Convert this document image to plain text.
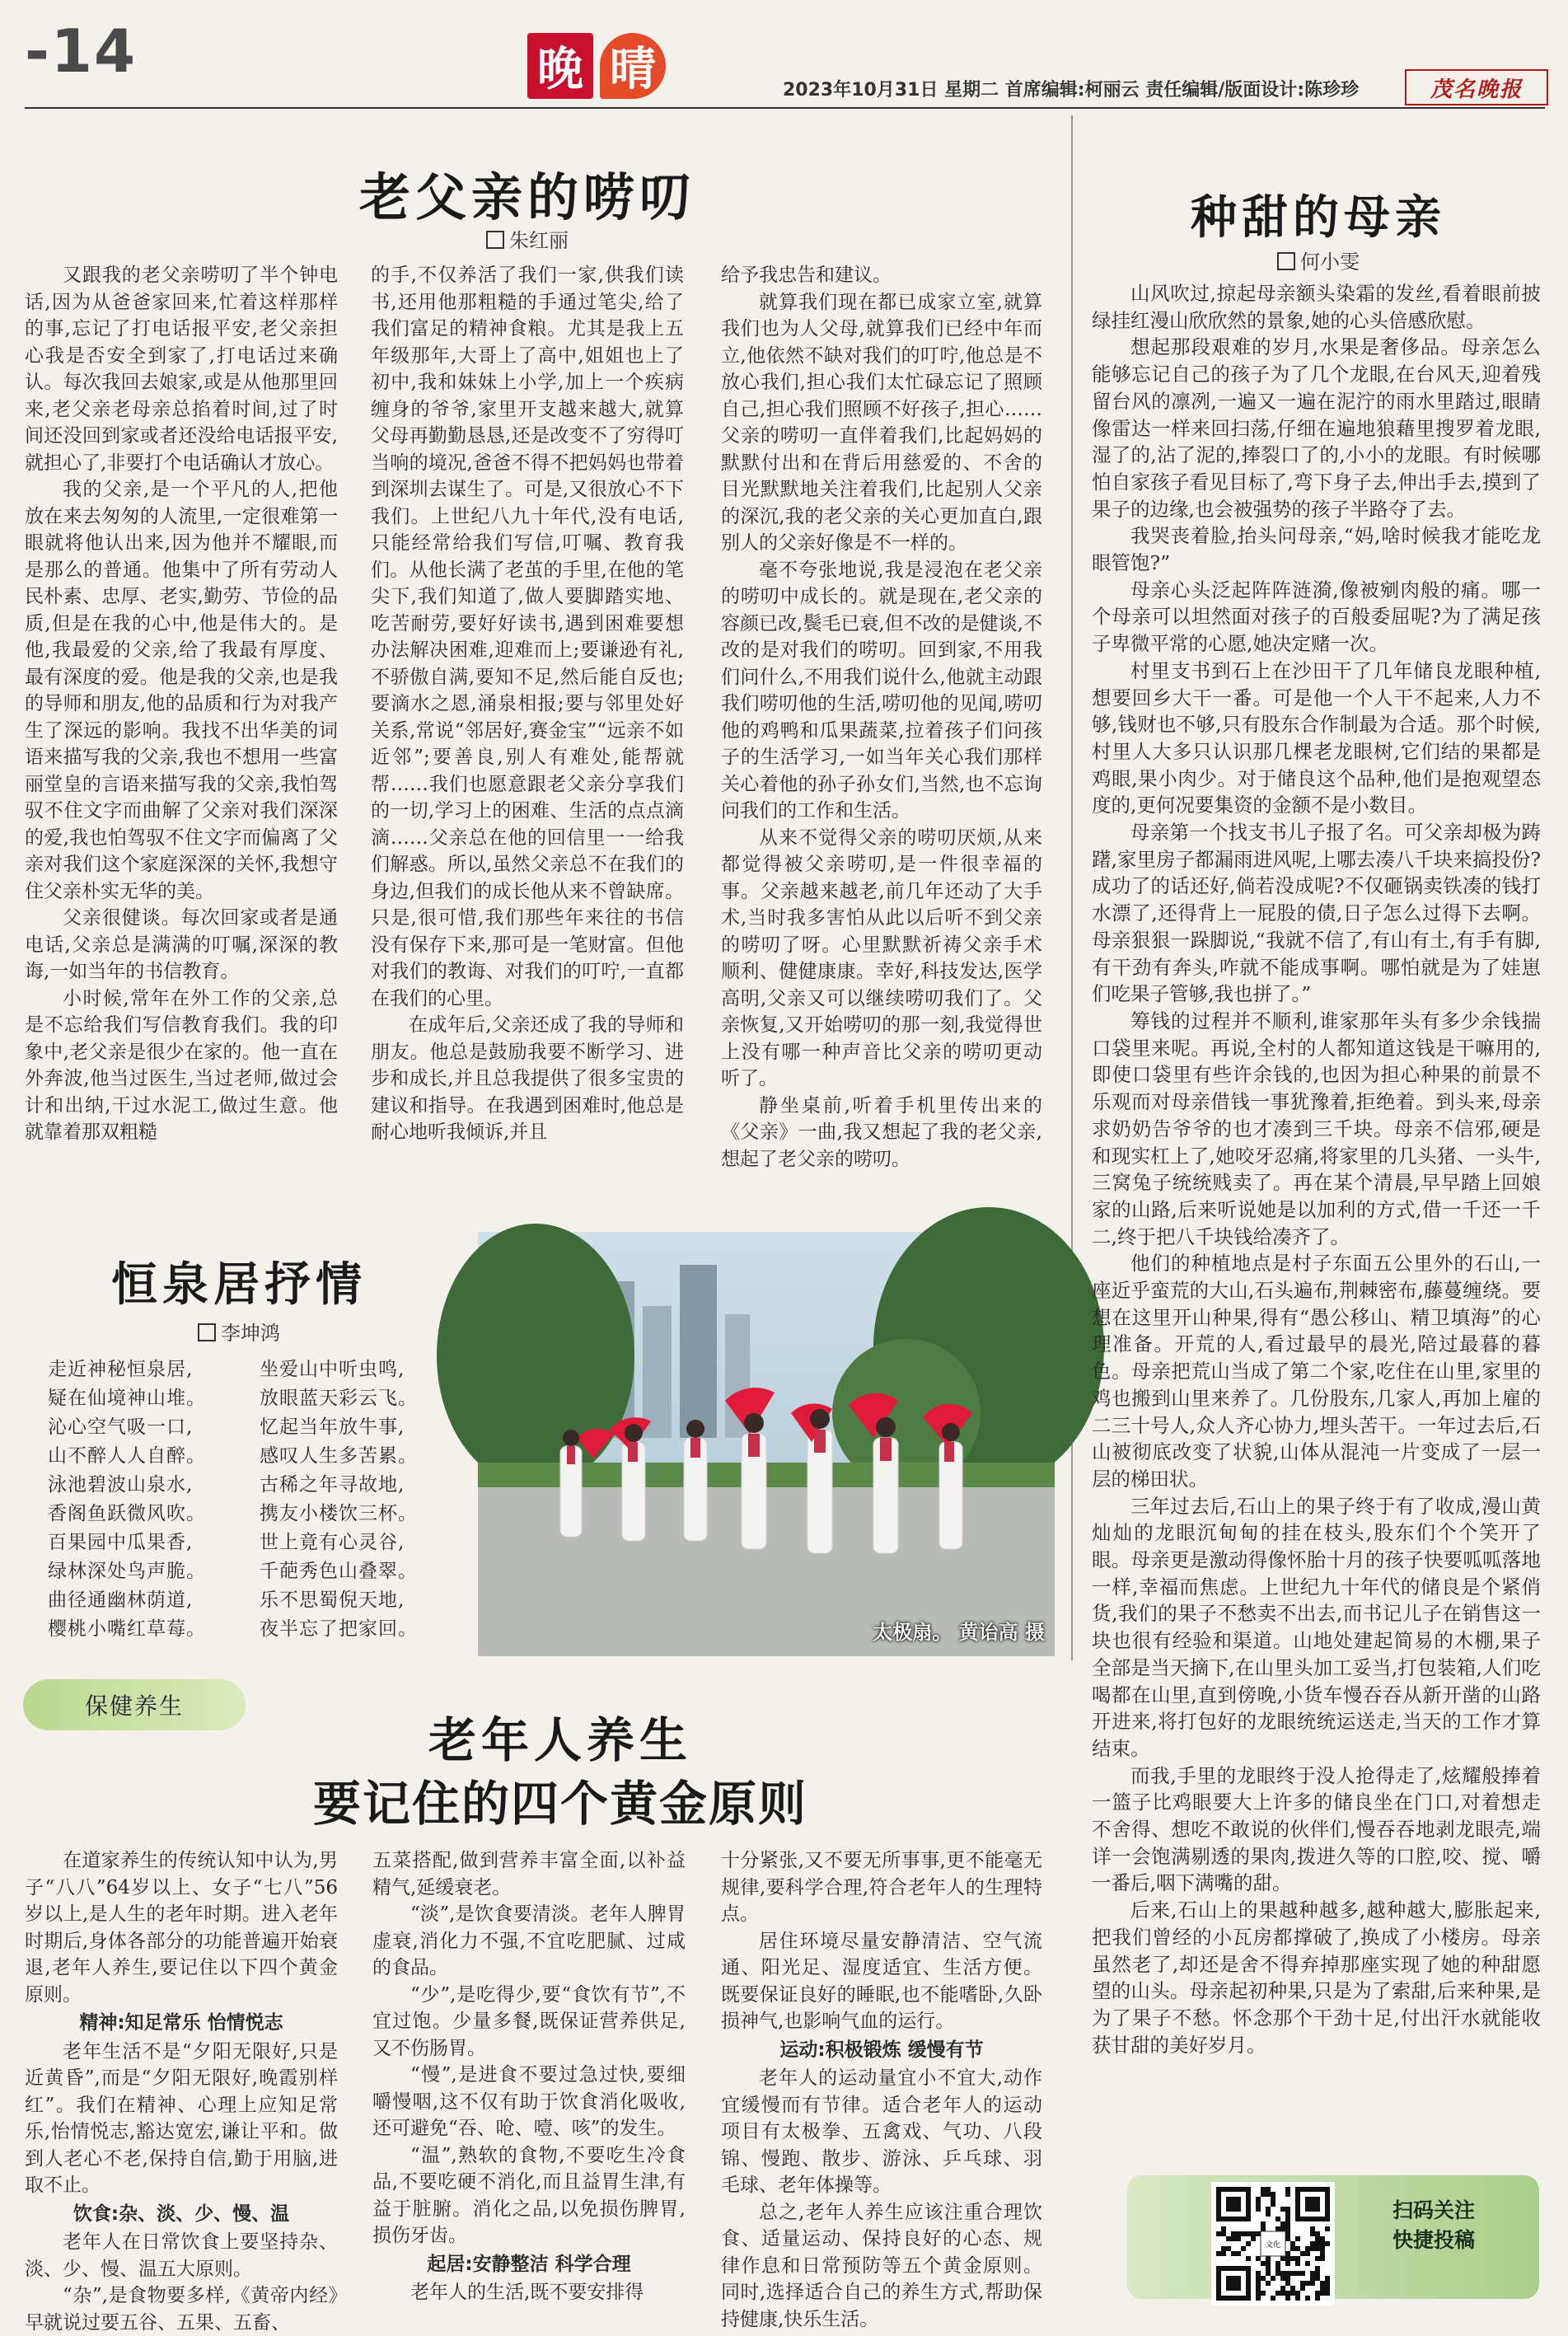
-14	晚 晴	2023年10月31日 星期二 首席编辑:柯丽云 责任编辑/版面设计:陈珍珍	茂名晚报
老父亲的唠叨
朱红丽

又跟我的老父亲唠叨了半个钟电话,因为从爸爸家回来,忙着这样那样的事,忘记了打电话报平安,老父亲担心我是否安全到家了,打电话过来确认。每次我回去娘家,或是从他那里回来,老父亲老母亲总掐着时间,过了时间还没回到家或者还没给电话报平安,就担心了,非要打个电话确认才放心。

我的父亲,是一个平凡的人,把他放在来去匆匆的人流里,一定很难第一眼就将他认出来,因为他并不耀眼,而是那么的普通。他集中了所有劳动人民朴素、忠厚、老实,勤劳、节俭的品质,但是在我的心中,他是伟大的。是他,我最爱的父亲,给了我最有厚度、最有深度的爱。他是我的父亲,也是我的导师和朋友,他的品质和行为对我产生了深远的影响。我找不出华美的词语来描写我的父亲,我也不想用一些富丽堂皇的言语来描写我的父亲,我怕驾驭不住文字而曲解了父亲对我们深深的爱,我也怕驾驭不住文字而偏离了父亲对我们这个家庭深深的关怀,我想守住父亲朴实无华的美。

父亲很健谈。每次回家或者是通电话,父亲总是满满的叮嘱,深深的教诲,一如当年的书信教育。

小时候,常年在外工作的父亲,总是不忘给我们写信教育我们。我的印象中,老父亲是很少在家的。他一直在外奔波,他当过医生,当过老师,做过会计和出纳,干过水泥工,做过生意。他就靠着那双粗糙

的手,不仅养活了我们一家,供我们读书,还用他那粗糙的手通过笔尖,给了我们富足的精神食粮。尤其是我上五年级那年,大哥上了高中,姐姐也上了初中,我和妹妹上小学,加上一个疾病缠身的爷爷,家里开支越来越大,就算父母再勤勤恳恳,还是改变不了穷得叮当响的境况,爸爸不得不把妈妈也带着到深圳去谋生了。可是,又很放心不下我们。上世纪八九十年代,没有电话,只能经常给我们写信,叮嘱、教育我们。从他长满了老茧的手里,在他的笔尖下,我们知道了,做人要脚踏实地、吃苦耐劳,要好好读书,遇到困难要想办法解决困难,迎难而上;要谦逊有礼,不骄傲自满,要知不足,然后能自反也;要滴水之恩,涌泉相报;要与邻里处好关系,常说“邻居好,赛金宝”“远亲不如近邻”;要善良,别人有难处,能帮就帮……我们也愿意跟老父亲分享我们的一切,学习上的困难、生活的点点滴滴……父亲总在他的回信里一一给我们解惑。所以,虽然父亲总不在我们的身边,但我们的成长他从来不曾缺席。只是,很可惜,我们那些年来往的书信没有保存下来,那可是一笔财富。但他对我们的教诲、对我们的叮咛,一直都在我们的心里。

在成年后,父亲还成了我的导师和朋友。他总是鼓励我要不断学习、进步和成长,并且总我提供了很多宝贵的建议和指导。在我遇到困难时,他总是耐心地听我倾诉,并且

给予我忠告和建议。

就算我们现在都已成家立室,就算我们也为人父母,就算我们已经中年而立,他依然不缺对我们的叮咛,他总是不放心我们,担心我们太忙碌忘记了照顾自己,担心我们照顾不好孩子,担心……父亲的唠叨一直伴着我们,比起妈妈的默默付出和在背后用慈爱的、不舍的目光默默地关注着我们,比起别人父亲的深沉,我的老父亲的关心更加直白,跟别人的父亲好像是不一样的。

毫不夸张地说,我是浸泡在老父亲的唠叨中成长的。就是现在,老父亲的容颜已改,鬓毛已衰,但不改的是健谈,不改的是对我们的唠叨。回到家,不用我们问什么,不用我们说什么,他就主动跟我们唠叨他的生活,唠叨他的见闻,唠叨他的鸡鸭和瓜果蔬菜,拉着孩子们问孩子的生活学习,一如当年关心我们那样关心着他的孙子孙女们,当然,也不忘询问我们的工作和生活。

从来不觉得父亲的唠叨厌烦,从来都觉得被父亲唠叨,是一件很幸福的事。父亲越来越老,前几年还动了大手术,当时我多害怕从此以后听不到父亲的唠叨了呀。心里默默祈祷父亲手术顺利、健健康康。幸好,科技发达,医学高明,父亲又可以继续唠叨我们了。父亲恢复,又开始唠叨的那一刻,我觉得世上没有哪一种声音比父亲的唠叨更动听了。

静坐桌前,听着手机里传出来的《父亲》一曲,我又想起了我的老父亲,想起了老父亲的唠叨。

恒泉居抒情
李坤鸿
走近神秘恒泉居,
疑在仙境神山堆。
沁心空气吸一口,
山不醉人人自醉。
泳池碧波山泉水,
香阁鱼跃微风吹。
百果园中瓜果香,
绿林深处鸟声脆。
曲径通幽林荫道,
樱桃小嘴红草莓。
坐爱山中听虫鸣,
放眼蓝天彩云飞。
忆起当年放牛事,
感叹人生多苦累。
古稀之年寻故地,
携友小楼饮三杯。
世上竟有心灵谷,
千葩秀色山叠翠。
乐不思蜀倪天地,
夜半忘了把家回。	太极扇。 黄诒高 摄
种甜的母亲
何小雯

山风吹过,掠起母亲额头染霜的发丝,看着眼前披绿挂红漫山欣欣然的景象,她的心头倍感欣慰。

想起那段艰难的岁月,水果是奢侈品。母亲怎么能够忘记自己的孩子为了几个龙眼,在台风天,迎着残留台风的凛冽,一遍又一遍在泥泞的雨水里踏过,眼睛像雷达一样来回扫荡,仔细在遍地狼藉里搜罗着龙眼,湿了的,沾了泥的,捧裂口了的,小小的龙眼。有时候哪怕自家孩子看见目标了,弯下身子去,伸出手去,摸到了果子的边缘,也会被强势的孩子半路夺了去。

我哭丧着脸,抬头问母亲,“妈,啥时候我才能吃龙眼管饱?”

母亲心头泛起阵阵涟漪,像被剜肉般的痛。哪一个母亲可以坦然面对孩子的百般委屈呢?为了满足孩子卑微平常的心愿,她决定赌一次。

村里支书到石上在沙田干了几年储良龙眼种植,想要回乡大干一番。可是他一个人干不起来,人力不够,钱财也不够,只有股东合作制最为合适。那个时候,村里人大多只认识那几棵老龙眼树,它们结的果都是鸡眼,果小肉少。对于储良这个品种,他们是抱观望态度的,更何况要集资的金额不是小数目。

母亲第一个找支书儿子报了名。可父亲却极为踌躇,家里房子都漏雨进风呢,上哪去凑八千块来搞投份?成功了的话还好,倘若没成呢?不仅砸锅卖铁凑的钱打水漂了,还得背上一屁股的债,日子怎么过得下去啊。母亲狠狠一跺脚说,“我就不信了,有山有土,有手有脚,有干劲有奔头,咋就不能成事啊。哪怕就是为了娃崽们吃果子管够,我也拼了。”

筹钱的过程并不顺利,谁家那年头有多少余钱揣口袋里来呢。再说,全村的人都知道这钱是干嘛用的,即使口袋里有些许余钱的,也因为担心种果的前景不乐观而对母亲借钱一事犹豫着,拒绝着。到头来,母亲求奶奶告爷爷的也才凑到三千块。母亲不信邪,硬是和现实杠上了,她咬牙忍痛,将家里的几头猪、一头牛,三窝兔子统统贱卖了。再在某个清晨,早早踏上回娘家的山路,后来听说她是以加利的方式,借一千还一千二,终于把八千块钱给凑齐了。

他们的种植地点是村子东面五公里外的石山,一座近乎蛮荒的大山,石头遍布,荆棘密布,藤蔓缠绕。要想在这里开山种果,得有“愚公移山、精卫填海”的心理准备。开荒的人,看过最早的晨光,陪过最暮的暮色。母亲把荒山当成了第二个家,吃住在山里,家里的鸡也搬到山里来养了。几份股东,几家人,再加上雇的二三十号人,众人齐心协力,埋头苦干。一年过去后,石山被彻底改变了状貌,山体从混沌一片变成了一层一层的梯田状。

三年过去后,石山上的果子终于有了收成,漫山黄灿灿的龙眼沉甸甸的挂在枝头,股东们个个笑开了眼。母亲更是激动得像怀胎十月的孩子快要呱呱落地一样,幸福而焦虑。上世纪九十年代的储良是个紧俏货,我们的果子不愁卖不出去,而书记儿子在销售这一块也很有经验和渠道。山地处建起简易的木棚,果子全部是当天摘下,在山里头加工妥当,打包装箱,人们吃喝都在山里,直到傍晚,小货车慢吞吞从新开凿的山路开进来,将打包好的龙眼统统运送走,当天的工作才算结束。

而我,手里的龙眼终于没人抢得走了,炫耀般捧着一篮子比鸡眼要大上许多的储良坐在门口,对着想走不舍得、想吃不敢说的伙伴们,慢吞吞地剥龙眼壳,端详一会饱满剔透的果肉,拨进久等的口腔,咬、搅、嚼一番后,咽下满嘴的甜。

后来,石山上的果越种越多,越种越大,膨胀起来,把我们曾经的小瓦房都撑破了,换成了小楼房。母亲虽然老了,却还是舍不得弃掉那座实现了她的种甜愿望的山头。母亲起初种果,只是为了索甜,后来种果,是为了果子不愁。怀念那个干劲十足,付出汗水就能收获甘甜的美好岁月。

保健养生
老年人养生
要记住的四个黄金原则

在道家养生的传统认知中认为,男子“八八”64岁以上、女子“七八”56岁以上,是人生的老年时期。进入老年时期后,身体各部分的功能普遍开始衰退,老年人养生,要记住以下四个黄金原则。

精神:知足常乐 怡情悦志

老年生活不是“夕阳无限好,只是近黄昏”,而是“夕阳无限好,晚霞别样红”。我们在精神、心理上应知足常乐,怡情悦志,豁达宽宏,谦让平和。做到人老心不老,保持自信,勤于用脑,进取不止。

饮食:杂、淡、少、慢、温

老年人在日常饮食上要坚持杂、淡、少、慢、温五大原则。

“杂”,是食物要多样,《黄帝内经》早就说过要五谷、五果、五畜、

五菜搭配,做到营养丰富全面,以补益精气,延缓衰老。

“淡”,是饮食要清淡。老年人脾胃虚衰,消化力不强,不宜吃肥腻、过咸的食品。

“少”,是吃得少,要“食饮有节”,不宜过饱。少量多餐,既保证营养供足,又不伤肠胃。

“慢”,是进食不要过急过快,要细嚼慢咽,这不仅有助于饮食消化吸收,还可避免“吞、呛、噎、咳”的发生。

“温”,熟软的食物,不要吃生冷食品,不要吃硬不消化,而且益胃生津,有益于脏腑。消化之品,以免损伤脾胃,损伤牙齿。

起居:安静整洁 科学合理

老年人的生活,既不要安排得

十分紧张,又不要无所事事,更不能毫无规律,要科学合理,符合老年人的生理特点。

居住环境尽量安静清洁、空气流通、阳光足、湿度适宜、生活方便。既要保证良好的睡眠,也不能嗜卧,久卧损神气,也影响气血的运行。

运动:积极锻炼 缓慢有节

老年人的运动量宜小不宜大,动作宜缓慢而有节律。适合老年人的运动项目有太极拳、五禽戏、气功、八段锦、慢跑、散步、游泳、乒乓球、羽毛球、老年体操等。

总之,老年人养生应该注重合理饮食、适量运动、保持良好的心态、规律作息和日常预防等五个黄金原则。同时,选择适合自己的养生方式,帮助保持健康,快乐生活。

文化
扫码关注
快捷投稿
